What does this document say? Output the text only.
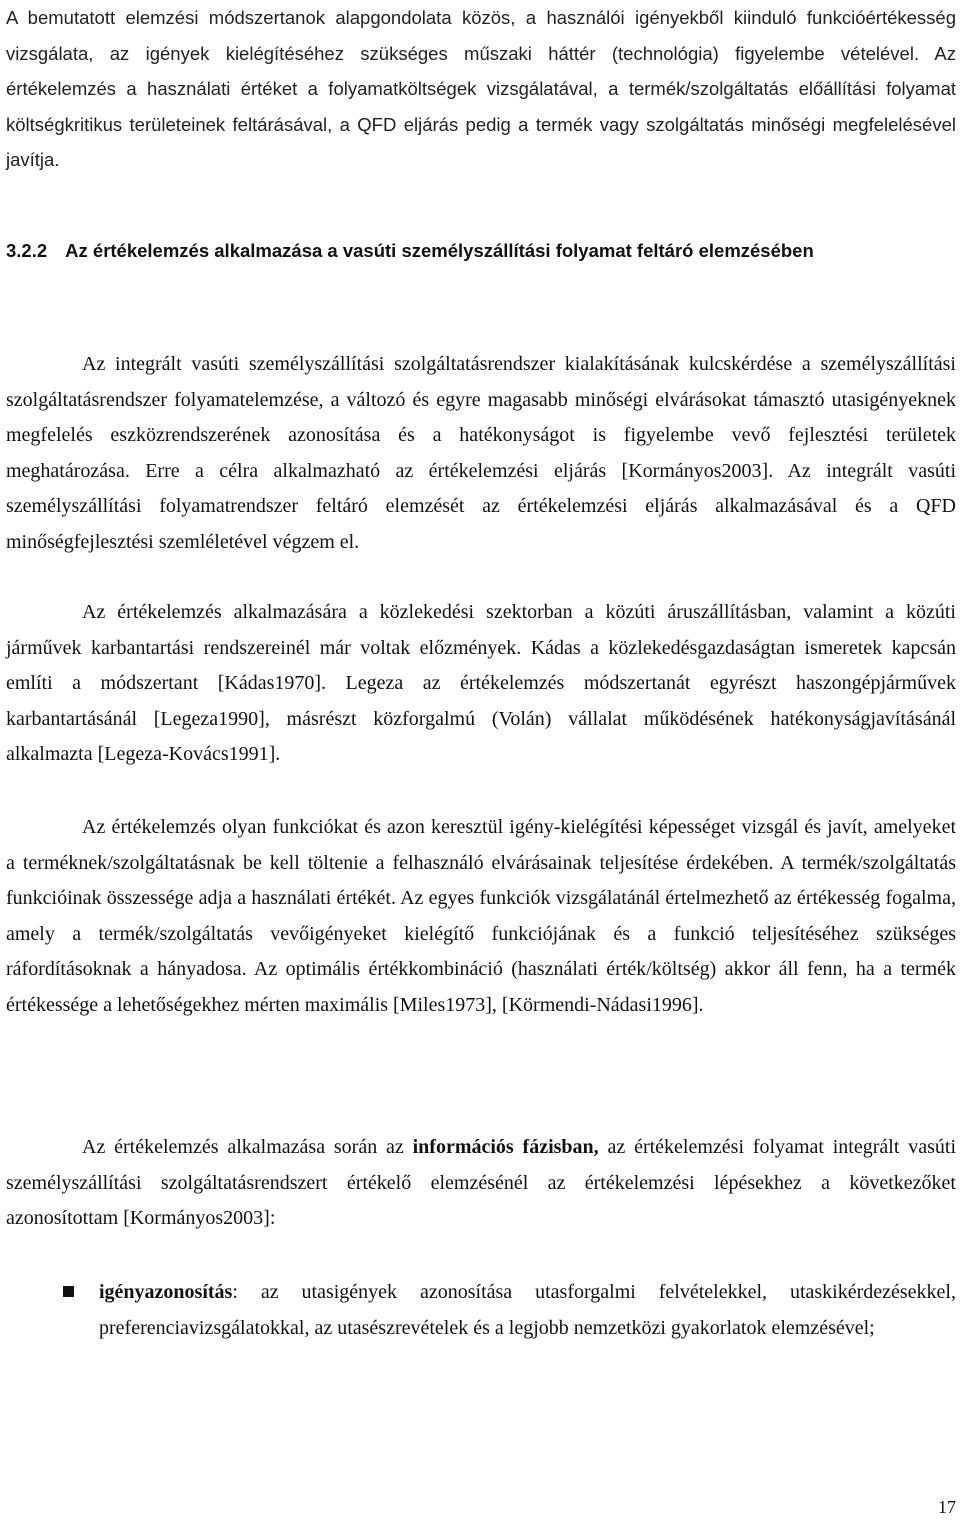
A bemutatott elemzési módszertanok alapgondolata közös, a használói igényekből kiinduló funkcióértékesség vizsgálata, az igények kielégítéséhez szükséges műszaki háttér (technológia) figyelembe vételével. Az értékelemzés a használati értéket a folyamatköltségek vizsgálatával, a termék/szolgáltatás előállítási folyamat költségkritikus területeinek feltárásával, a QFD eljárás pedig a termék vagy szolgáltatás minőségi megfelelésével javítja.

3.2.2 Az értékelemzés alkalmazása a vasúti személyszállítási folyamat feltáró elemzésében

Az integrált vasúti személyszállítási szolgáltatásrendszer kialakításának kulcskérdése a személyszállítási szolgáltatásrendszer folyamatelemzése, a változó és egyre magasabb minőségi elvárásokat támasztó utasigényeknek megfelelés eszközrendszerének azonosítása és a hatékonyságot is figyelembe vevő fejlesztési területek meghatározása. Erre a célra alkalmazható az értékelemzési eljárás [Kormányos2003]. Az integrált vasúti személyszállítási folyamatrendszer feltáró elemzését az értékelemzési eljárás alkalmazásával és a QFD minőségfejlesztési szemléletével végzem el.

Az értékelemzés alkalmazására a közlekedési szektorban a közúti áruszállításban, valamint a közúti járművek karbantartási rendszereinél már voltak előzmények. Kádas a közlekedésgazdaságtan ismeretek kapcsán említi a módszertant [Kádas1970]. Legeza az értékelemzés módszertanát egyrészt haszongépjárművek karbantartásánál [Legeza1990], másrészt közforgalmú (Volán) vállalat működésének hatékonyságjavításánál alkalmazta [Legeza-Kovács1991].

Az értékelemzés olyan funkciókat és azon keresztül igény-kielégítési képességet vizsgál és javít, amelyeket a terméknek/szolgáltatásnak be kell töltenie a felhasználó elvárásainak teljesítése érdekében. A termék/szolgáltatás funkcióinak összessége adja a használati értékét. Az egyes funkciók vizsgálatánál értelmezhető az értékesség fogalma, amely a termék/szolgáltatás vevőigényeket kielégítő funkciójának és a funkció teljesítéséhez szükséges ráfordításoknak a hányadosa. Az optimális értékkombináció (használati érték/költség) akkor áll fenn, ha a termék értékessége a lehetőségekhez mérten maximális [Miles1973], [Körmendi-Nádasi1996].

Az értékelemzés alkalmazása során az információs fázisban, az értékelemzési folyamat integrált vasúti személyszállítási szolgáltatásrendszert értékelő elemzésénél az értékelemzési lépésekhez a következőket azonosítottam [Kormányos2003]:

igényazonosítás: az utasigények azonosítása utasforgalmi felvételekkel, utaskikérdezésekkel, preferenciavizsgálatokkal, az utasészrevételek és a legjobb nemzetközi gyakorlatok elemzésével;
17
